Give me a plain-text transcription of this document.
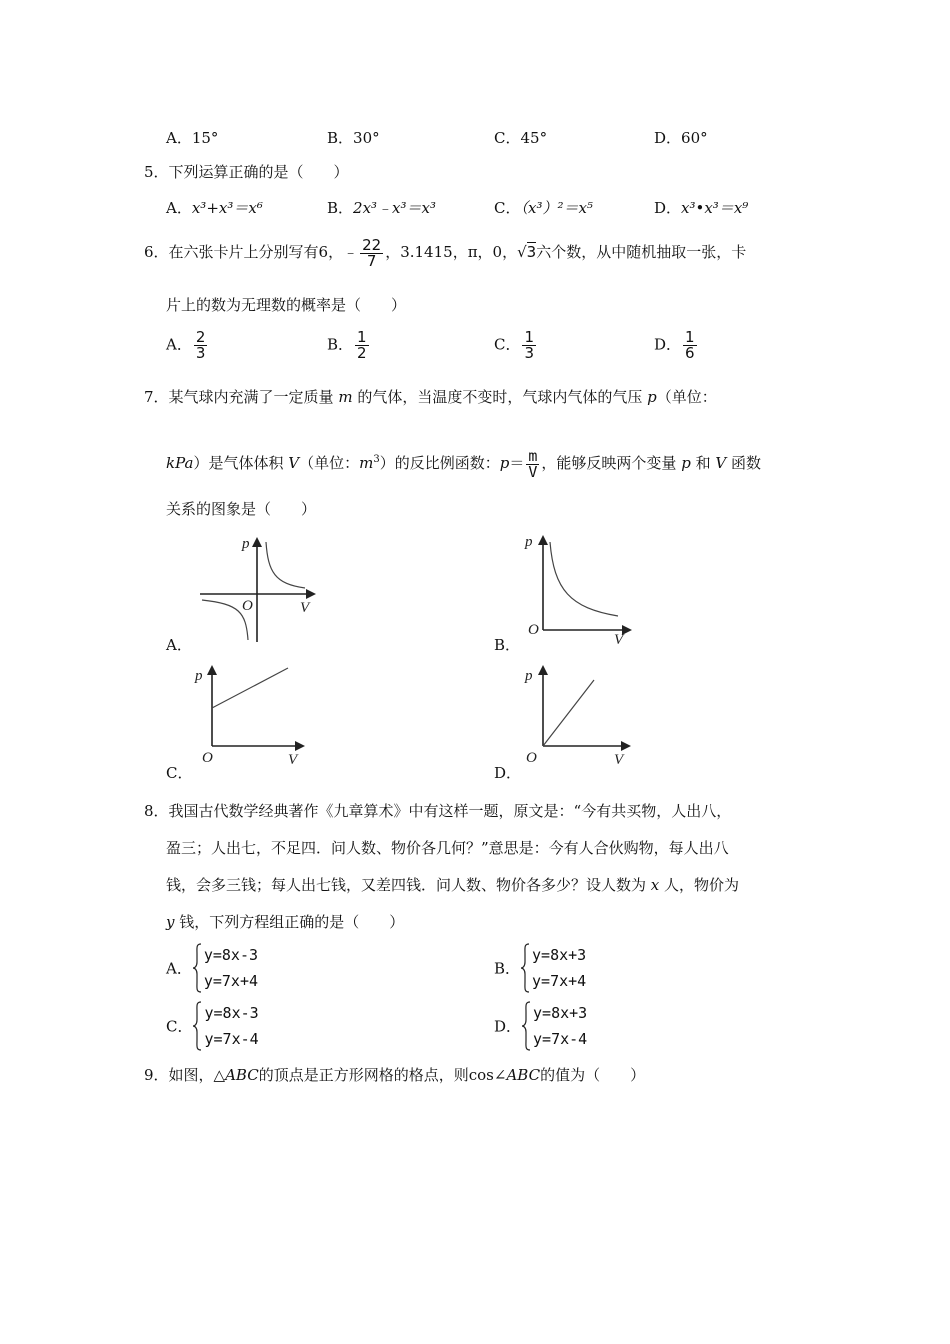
A．15°	B．30°	C．45°	D．60°
5．下列运算正确的是（　　）
A．x³+x³＝x⁶	B．2x³﹣x³＝x³	C．（x³）²＝x⁵	D．x³•x³＝x⁹
6．在六张卡片上分别写有6，﹣ $\frac{22}{7}$ ，3.1415，π，0，√3六个数，从中随机抽取一张，卡
片上的数为无理数的概率是（　　）
A． $\frac{2}{3}$	B． $\frac{1}{2}$	C． $\frac{1}{3}$	D． $\frac{1}{6}$
7．某气球内充满了一定质量 m 的气体，当温度不变时，气球内气体的气压 p（单位：
kPa）是气体体积 V（单位：$m^3$）的反比例函数：$p= \frac{m}{V}$ ，能够反映两个变量 p 和 V 函数
关系的图象是（　　）
p
O	V
A．
p
O
V
B．
p
O	V
C．
p
O	V
D．
8．我国古代数学经典著作《九章算术》中有这样一题，原文是：“今有共买物，人出八，
盈三；人出七，不足四．问人数、物价各几何？”意思是：今有人合伙购物，每人出八
钱，会多三钱；每人出七钱，又差四钱．问人数、物价各多少？设人数为 x 人，物价为
y 钱，下列方程组正确的是（　　）
A．
y=8x-3
y=7x+4
B．
y=8x+3
y=7x+4
C．
y=8x-3
y=7x-4
D．
y=8x+3
y=7x-4
9．如图，△ABC的顶点是正方形网格的格点，则cos∠ABC的值为（　　）
